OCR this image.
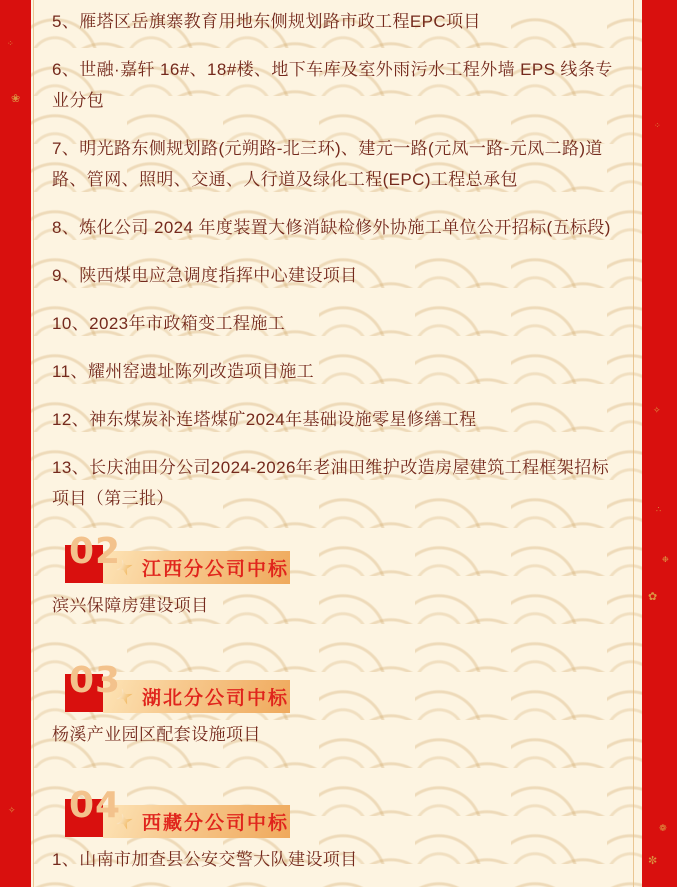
⁘
❀
✧
⁘
✧
∴
❉
✿
❁
✼

5、雁塔区岳旗寨教育用地东侧规划路市政工程EPC项目

6、世融·嘉轩 16#、18#楼、地下车库及室外雨污水工程外墙 EPS 线条专业分包

7、明光路东侧规划路(元朔路-北三环)、建元一路(元凤一路-元凤二路)道路、管网、照明、交通、人行道及绿化工程(EPC)工程总承包

8、炼化公司 2024 年度装置大修消缺检修外协施工单位公开招标(五标段)

9、陕西煤电应急调度指挥中心建设项目

10、2023年市政箱变工程施工

11、耀州窑遗址陈列改造项目施工

12、神东煤炭补连塔煤矿2024年基础设施零星修缮工程

13、长庆油田分公司2024-2026年老油田维护改造房屋建筑工程框架招标项目（第三批）

02 江西分公司中标

滨兴保障房建设项目

03 湖北分公司中标

杨溪产业园区配套设施项目

04 西藏分公司中标

1、山南市加查县公安交警大队建设项目
